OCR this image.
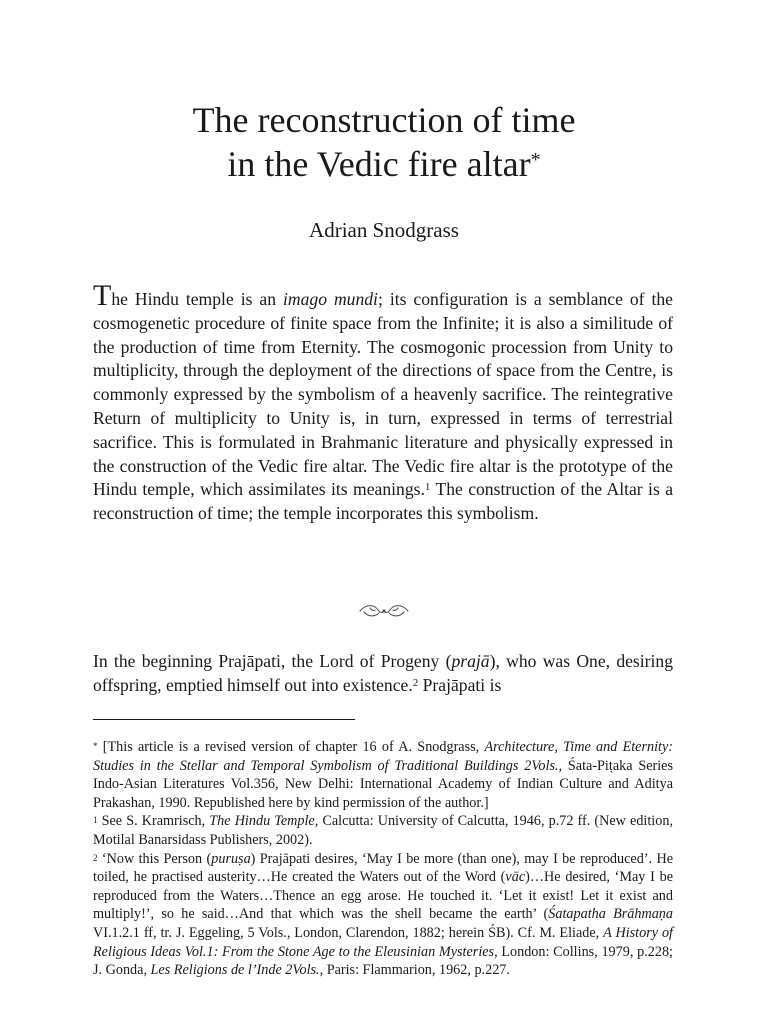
The reconstruction of time
in the Vedic fire altar*
Adrian Snodgrass

The Hindu temple is an imago mundi; its configuration is a semblance of the cosmogenetic procedure of finite space from the Infinite; it is also a similitude of the production of time from Eternity. The cosmogonic procession from Unity to multiplicity, through the deployment of the directions of space from the Centre, is commonly expressed by the symbolism of a heavenly sacrifice. The reintegrative Return of multiplicity to Unity is, in turn, expressed in terms of terrestrial sacrifice. This is formulated in Brahmanic literature and physically expressed in the construction of the Vedic fire altar. The Vedic fire altar is the prototype of the Hindu temple, which assimilates its meanings.$^1$ The construction of the Altar is a reconstruction of time; the temple incorporates this symbolism.

In the beginning Prajāpati, the Lord of Progeny (prajā), who was One, desiring offspring, emptied himself out into existence.$^2$ Prajāpati is

* [This article is a revised version of chapter 16 of A. Snodgrass, Architecture, Time and Eternity: Studies in the Stellar and Temporal Symbolism of Traditional Buildings 2Vols., Śata-Piṭaka Series Indo-Asian Literatures Vol.356, New Delhi: International Academy of Indian Culture and Aditya Prakashan, 1990. Republished here by kind permission of the author.]

$^1$ See S. Kramrisch, The Hindu Temple, Calcutta: University of Calcutta, 1946, p.72 ff. (New edition, Motilal Banarsidass Publishers, 2002).

$^2$ ‘Now this Person (puruṣa) Prajāpati desires, ‘May I be more (than one), may I be reproduced’. He toiled, he practised austerity…He created the Waters out of the Word (vāc)…He desired, ‘May I be reproduced from the Waters…Thence an egg arose. He touched it. ‘Let it exist! Let it exist and multiply!’, so he said…And that which was the shell became the earth’ (Śatapatha Brāhmaṇa VI.1.2.1 ff, tr. J. Eggeling, 5 Vols., London, Clarendon, 1882; herein ŚB). Cf. M. Eliade, A History of Religious Ideas Vol.1: From the Stone Age to the Eleusinian Mysteries, London: Collins, 1979, p.228; J. Gonda, Les Religions de l’Inde 2Vols., Paris: Flammarion, 1962, p.227.
